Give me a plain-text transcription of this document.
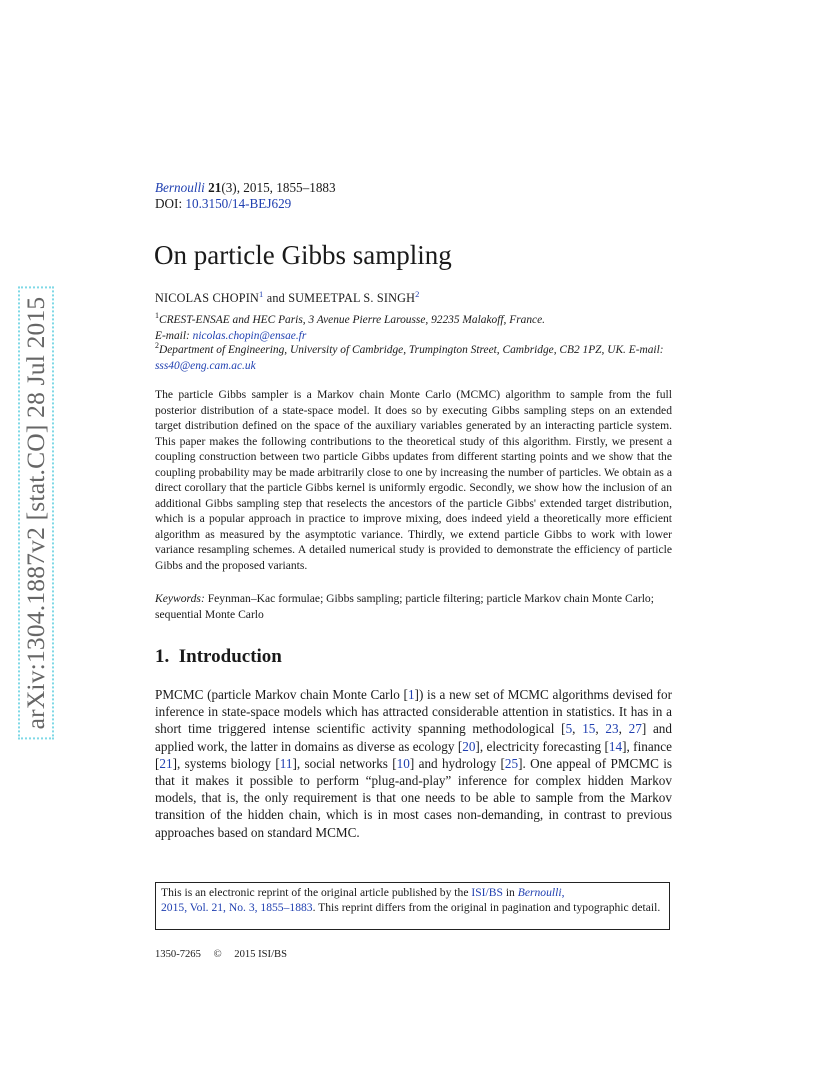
arXiv:1304.1887v2 [stat.CO] 28 Jul 2015
Bernoulli 21(3), 2015, 1855–1883
DOI: 10.3150/14-BEJ629
On particle Gibbs sampling
NICOLAS CHOPIN$^1$ and SUMEETPAL S. SINGH$^2$
$^1$CREST-ENSAE and HEC Paris, 3 Avenue Pierre Larousse, 92235 Malakoff, France.
E-mail: nicolas.chopin@ensae.fr
$^2$Department of Engineering, University of Cambridge, Trumpington Street, Cambridge, CB2 1PZ, UK. E-mail: sss40@eng.cam.ac.uk

The particle Gibbs sampler is a Markov chain Monte Carlo (MCMC) algorithm to sample from the full posterior distribution of a state-space model. It does so by executing Gibbs sampling steps on an extended target distribution defined on the space of the auxiliary variables generated by an interacting particle system. This paper makes the following contributions to the theoretical study of this algorithm. Firstly, we present a coupling construction between two particle Gibbs updates from different starting points and we show that the coupling probability may be made arbitrarily close to one by increasing the number of particles. We obtain as a direct corollary that the particle Gibbs kernel is uniformly ergodic. Secondly, we show how the inclusion of an additional Gibbs sampling step that reselects the ancestors of the particle Gibbs' extended target distribution, which is a popular approach in practice to improve mixing, does indeed yield a theoretically more efficient algorithm as measured by the asymptotic variance. Thirdly, we extend particle Gibbs to work with lower variance resampling schemes. A detailed numerical study is provided to demonstrate the efficiency of particle Gibbs and the proposed variants.

Keywords: Feynman–Kac formulae; Gibbs sampling; particle filtering; particle Markov chain Monte Carlo; sequential Monte Carlo

1. Introduction

PMCMC (particle Markov chain Monte Carlo [1]) is a new set of MCMC algorithms devised for inference in state-space models which has attracted considerable attention in statistics. It has in a short time triggered intense scientific activity spanning methodological [5, 15, 23, 27] and applied work, the latter in domains as diverse as ecology [20], electricity forecasting [14], finance [21], systems biology [11], social networks [10] and hydrology [25]. One appeal of PMCMC is that it makes it possible to perform “plug-and-play” inference for complex hidden Markov models, that is, the only requirement is that one needs to be able to sample from the Markov transition of the hidden chain, which is in most cases non-demanding, in contrast to previous approaches based on standard MCMC.

This is an electronic reprint of the original article published by the ISI/BS in Bernoulli,
2015, Vol. 21, No. 3, 1855–1883. This reprint differs from the original in pagination and typographic detail.
1350-7265 © 2015 ISI/BS
